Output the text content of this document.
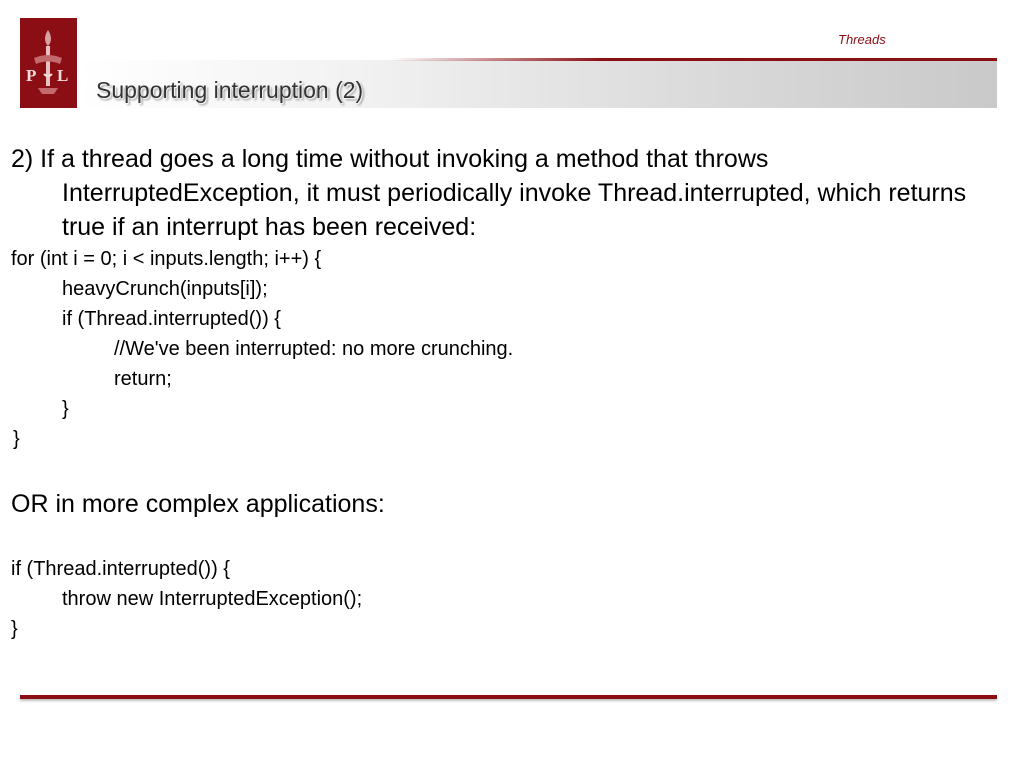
P L
Threads
Supporting interruption (2)

2) If a thread goes a long time without invoking a method that throws InterruptedException, it must periodically invoke Thread.interrupted, which returns true if an interrupt has been received:

for (int i = 0; i < inputs.length; i++) {
heavyCrunch(inputs[i]);
if (Thread.interrupted()) {
//We've been interrupted: no more crunching.
return;
}
}

OR in more complex applications:

if (Thread.interrupted()) {
throw new InterruptedException();
}
